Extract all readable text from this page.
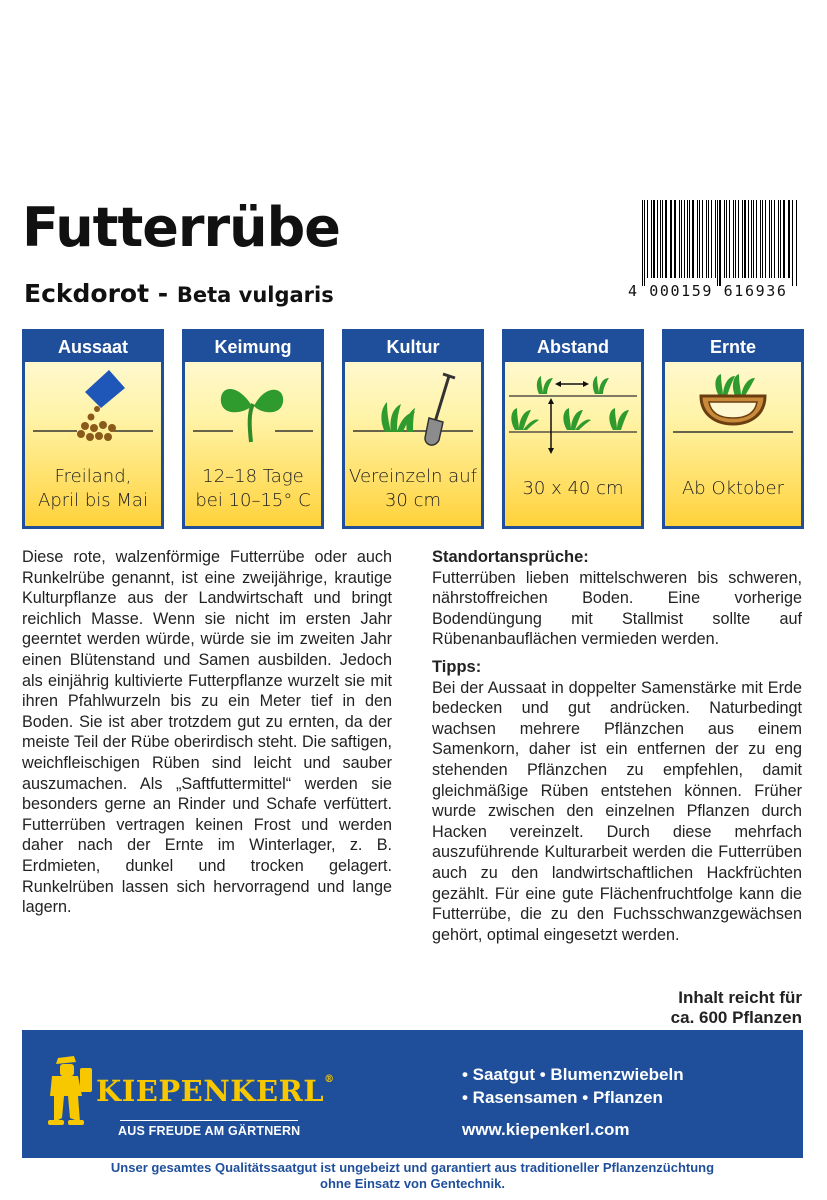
Futterrübe
Eckdorot - Beta vulgaris	4 000159 616936
Aussaat
Freiland,
April bis Mai
Keimung
12–18 Tage
bei 10–15° C
Kultur
Vereinzeln auf
30 cm
Abstand
30 x 40 cm
Ernte
Ab Oktober
Diese rote, walzenförmige Futterrübe oder auch Runkelrübe genannt, ist eine zweijährige, krautige Kulturpflanze aus der Landwirtschaft und bringt reichlich Masse. Wenn sie nicht im ersten Jahr geerntet werden würde, würde sie im zweiten Jahr einen Blütenstand und Samen ausbilden. Jedoch als einjährig kultivierte Futterpflanze wurzelt sie mit ihren Pfahlwurzeln bis zu ein Meter tief in den Boden. Sie ist aber trotzdem gut zu ernten, da der meiste Teil der Rübe oberirdisch steht. Die saftigen, weichfleischigen Rüben sind leicht und sauber auszumachen. Als „Saftfuttermittel“ werden sie besonders gerne an Rinder und Schafe verfüttert. Futterrüben vertragen keinen Frost und werden daher nach der Ernte im Winterlager, z. B. Erdmieten, dunkel und trocken gelagert. Runkelrüben lassen sich hervorragend und lange lagern.
Standortansprüche:

Futterrüben lieben mittelschweren bis schweren, nährstoffreichen Boden. Eine vorherige Bodendüngung mit Stallmist sollte auf Rübenanbauflächen vermieden werden.

Tipps:

Bei der Aussaat in doppelter Samenstärke mit Erde bedecken und gut andrücken. Naturbedingt wachsen mehrere Pflänzchen aus einem Samenkorn, daher ist ein entfernen der zu eng stehenden Pflänzchen zu empfehlen, damit gleichmäßige Rüben entstehen können. Früher wurde zwischen den einzelnen Pflanzen durch Hacken vereinzelt. Durch diese mehrfach auszuführende Kulturarbeit werden die Futterrüben auch zu den landwirtschaftlichen Hackfrüchten gezählt. Für eine gute Flächenfruchtfolge kann die Futterrübe, die zu den Fuchsschwanzgewächsen gehört, optimal eingesetzt werden.

Inhalt reicht für
ca. 600 Pflanzen
KIEPENKERL®
AUS FREUDE AM GÄRTNERN
• Saatgut • Blumenzwiebeln
• Rasensamen • Pflanzen
www.kiepenkerl.com
Unser gesamtes Qualitätssaatgut ist ungebeizt und garantiert aus traditioneller Pflanzenzüchtung
ohne Einsatz von Gentechnik.
